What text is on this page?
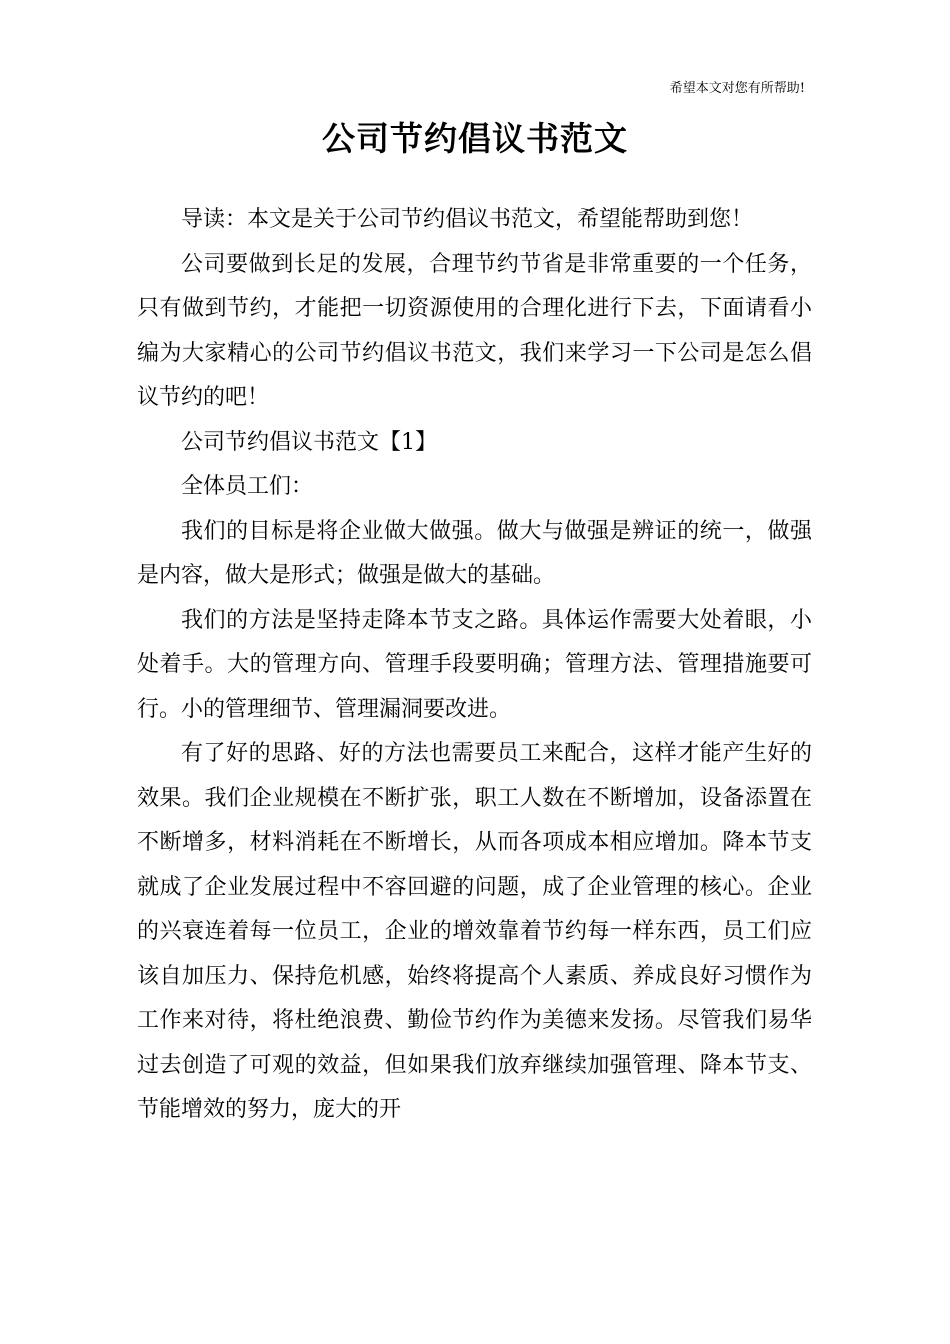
希望本文对您有所帮助!
公司节约倡议书范文

导读：本文是关于公司节约倡议书范文，希望能帮助到您！

公司要做到长足的发展，合理节约节省是非常重要的一个任务，只有做到节约，才能把一切资源使用的合理化进行下去，下面请看小编为大家精心的公司节约倡议书范文，我们来学习一下公司是怎么倡议节约的吧！

公司节约倡议书范文【1】

全体员工们：

我们的目标是将企业做大做强。做大与做强是辨证的统一，做强是内容，做大是形式；做强是做大的基础。

我们的方法是坚持走降本节支之路。具体运作需要大处着眼，小处着手。大的管理方向、管理手段要明确；管理方法、管理措施要可行。小的管理细节、管理漏洞要改进。

有了好的思路、好的方法也需要员工来配合，这样才能产生好的效果。我们企业规模在不断扩张，职工人数在不断增加，设备添置在不断增多，材料消耗在不断增长，从而各项成本相应增加。降本节支就成了企业发展过程中不容回避的问题，成了企业管理的核心。企业的兴衰连着每一位员工，企业的增效靠着节约每一样东西，员工们应该自加压力、保持危机感，始终将提高个人素质、养成良好习惯作为工作来对待，将杜绝浪费、勤俭节约作为美德来发扬。尽管我们易华过去创造了可观的效益，但如果我们放弃继续加强管理、降本节支、节能增效的努力，庞大的开
